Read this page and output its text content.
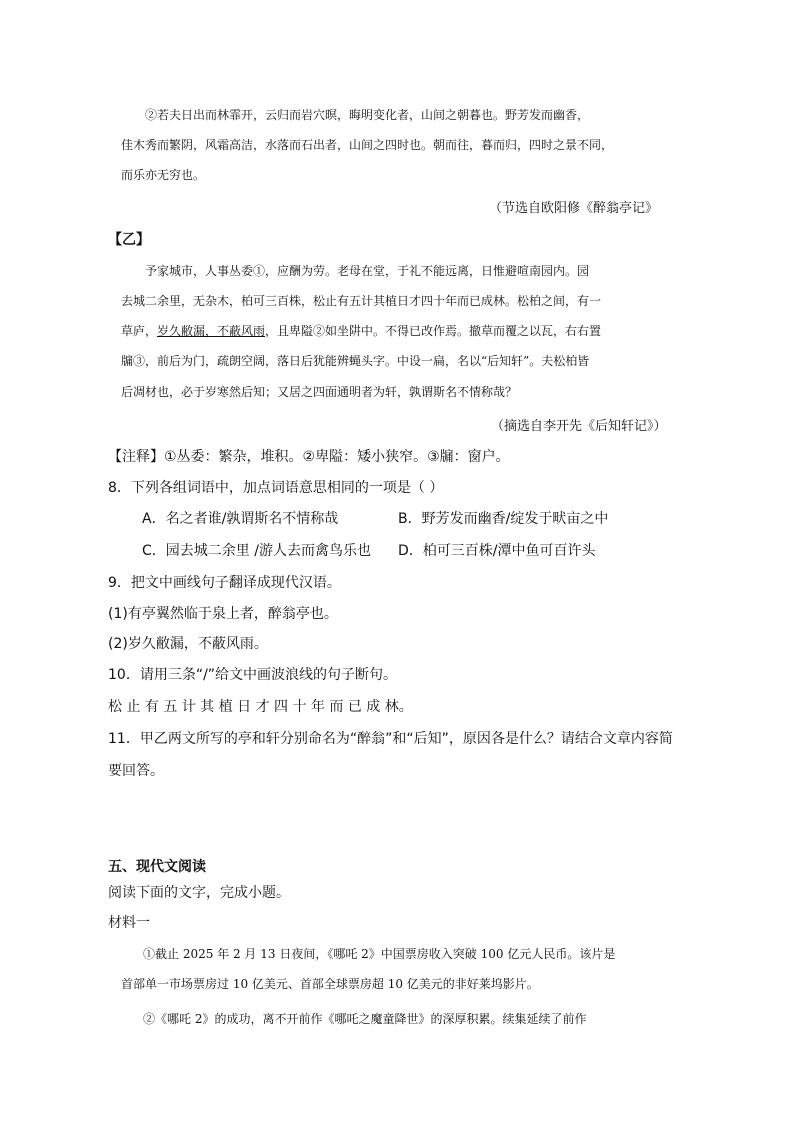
②若夫日出而林霏开，云归而岩穴暝，晦明变化者，山间之朝暮也。野芳发而幽香，
佳木秀而繁阴，风霜高洁，水落而石出者，山间之四时也。朝而往，暮而归，四时之景不同，
而乐亦无穷也。
（节选自欧阳修《醉翁亭记》
【乙】
予家城市，人事丛委①，应酬为劳。老母在堂，于礼不能远离，日惟避喧南园内。园
去城二余里，无杂木，柏可三百株，松止有五计其植日才四十年而已成林。松柏之间，有一
草庐，岁久敝漏，不蔽风雨，且卑隘②如坐阱中。不得已改作焉。撤草而覆之以瓦，右右置
牖③，前后为门，疏朗空阔，落日后犹能辨蝇头字。中设一扁，名以“后知轩”。夫松柏皆
后凋材也，必于岁寒然后知；又居之四面通明者为轩，孰谓斯名不情称哉？
（摘选自李开先《后知轩记》）
【注释】①丛委：繁杂，堆积。②卑隘：矮小狭窄。③牖：窗户。
8．下列各组词语中，加点词语意思相同的一项是（ ）
A．名之者谁/孰谓斯名不情称哉	B．野芳发而幽香/绽发于畎亩之中
C．园去城二余里 /游人去而禽鸟乐也 D．柏可三百株/潭中鱼可百许头
9．把文中画线句子翻译成现代汉语。
(1)有亭翼然临于泉上者，醉翁亭也。
(2)岁久敝漏，不蔽风雨。
10．请用三条“/”给文中画波浪线的句子断句。
松 止 有 五 计 其 植 日 才 四 十 年 而 已 成 林。
11．甲乙两文所写的亭和轩分别命名为“醉翁”和“后知”，原因各是什么？请结合文章内容简
要回答。
五、现代文阅读
阅读下面的文字，完成小题。
材料一
①截止 2025 年 2 月 13 日夜间，《哪吒 2》中国票房收入突破 100 亿元人民币。该片是
首部单一市场票房过 10 亿美元、首部全球票房超 10 亿美元的非好莱坞影片。
②《哪吒 2》的成功，离不开前作《哪吒之魔童降世》的深厚积累。续集延续了前作
